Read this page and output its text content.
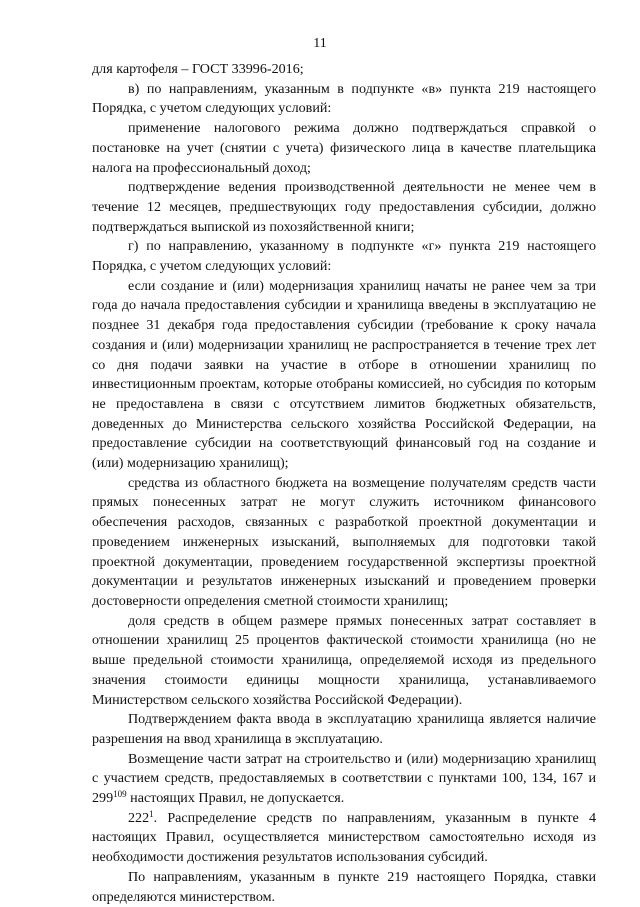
11

для картофеля – ГОСТ 33996-2016;

в) по направлениям, указанным в подпункте «в» пункта 219 настоящего Порядка, с учетом следующих условий:

применение налогового режима должно подтверждаться справкой о постановке на учет (снятии с учета) физического лица в качестве плательщика налога на профессиональный доход;

подтверждение ведения производственной деятельности не менее чем в течение 12 месяцев, предшествующих году предоставления субсидии, должно подтверждаться выпиской из похозяйственной книги;

г) по направлению, указанному в подпункте «г» пункта 219 настоящего Порядка, с учетом следующих условий:

если создание и (или) модернизация хранилищ начаты не ранее чем за три года до начала предоставления субсидии и хранилища введены в эксплуатацию не позднее 31 декабря года предоставления субсидии (требование к сроку начала создания и (или) модернизации хранилищ не распространяется в течение трех лет со дня подачи заявки на участие в отборе в отношении хранилищ по инвестиционным проектам, которые отобраны комиссией, но субсидия по которым не предоставлена в связи с отсутствием лимитов бюджетных обязательств, доведенных до Министерства сельского хозяйства Российской Федерации, на предоставление субсидии на соответствующий финансовый год на создание и (или) модернизацию хранилищ);

средства из областного бюджета на возмещение получателям средств части прямых понесенных затрат не могут служить источником финансового обеспечения расходов, связанных с разработкой проектной документации и проведением инженерных изысканий, выполняемых для подготовки такой проектной документации, проведением государственной экспертизы проектной документации и результатов инженерных изысканий и проведением проверки достоверности определения сметной стоимости хранилищ;

доля средств в общем размере прямых понесенных затрат составляет в отношении хранилищ 25 процентов фактической стоимости хранилища (но не выше предельной стоимости хранилища, определяемой исходя из предельного значения стоимости единицы мощности хранилища, устанавливаемого Министерством сельского хозяйства Российской Федерации).

Подтверждением факта ввода в эксплуатацию хранилища является наличие разрешения на ввод хранилища в эксплуатацию.

Возмещение части затрат на строительство и (или) модернизацию хранилищ с участием средств, предоставляемых в соответствии с пунктами 100, 134, 167 и $299^{109}$ настоящих Правил, не допускается.

$222^1$. Распределение средств по направлениям, указанным в пункте 4 настоящих Правил, осуществляется министерством самостоятельно исходя из необходимости достижения результатов использования субсидий.

По направлениям, указанным в пункте 219 настоящего Порядка, ставки определяются министерством.
